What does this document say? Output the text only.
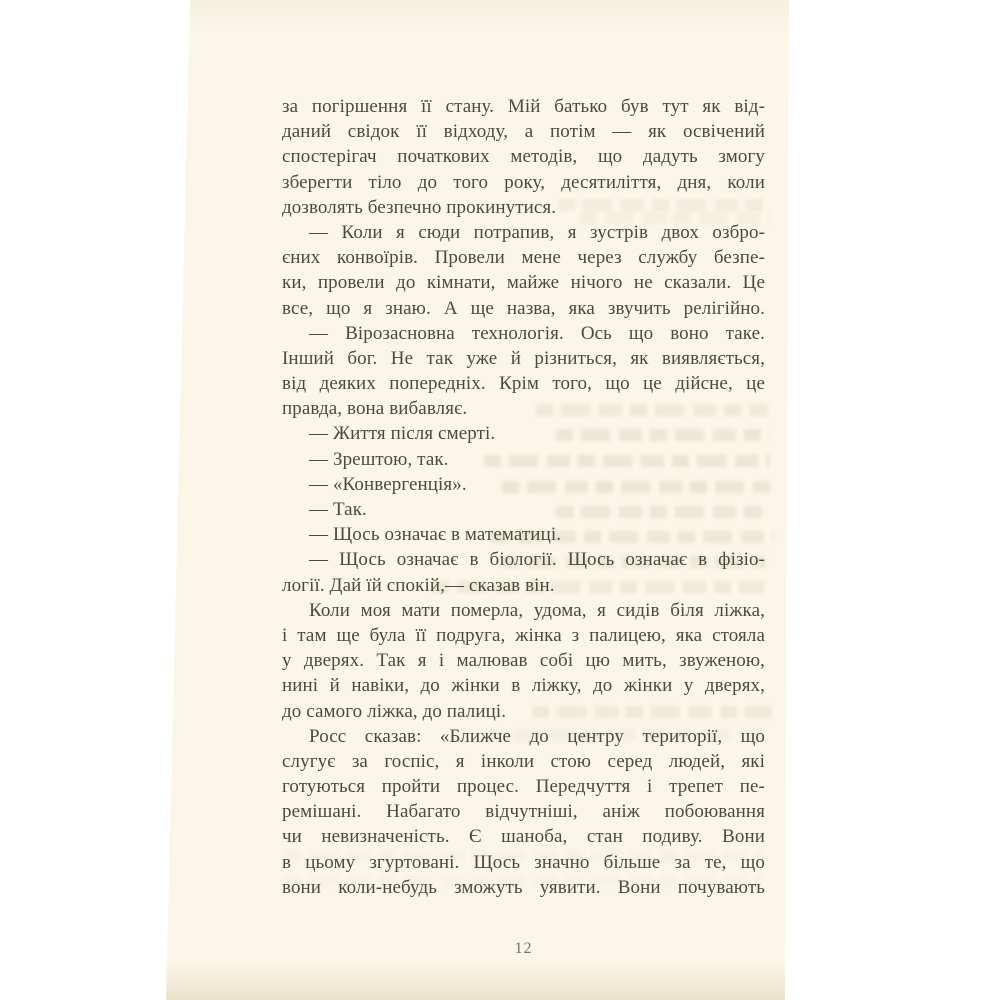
за погіршення її стану. Мій батько був тут як від-
даний свідок її відходу, а потім — як освічений
спостерігач початкових методів, що дадуть змогу
зберегти тіло до того року, десятиліття, дня, коли
дозволять безпечно прокинутися.
— Коли я сюди потрапив, я зустрів двох озбро-
єних конвоїрів. Провели мене через службу безпе-
ки, провели до кімнати, майже нічого не сказали. Це
все, що я знаю. А ще назва, яка звучить релігійно.
— Вірозасновна технологія. Ось що воно таке.
Інший бог. Не так уже й різниться, як виявляється,
від деяких попередніх. Крім того, що це дійсне, це
правда, вона вибавляє.
— Життя після смерті.
— Зрештою, так.
— «Конвергенція».
— Так.
— Щось означає в математиці.
— Щось означає в біології. Щось означає в фізіо-
логії. Дай їй спокій,— сказав він.
Коли моя мати померла, удома, я сидів біля ліжка,
і там ще була її подруга, жінка з палицею, яка стояла
у дверях. Так я і малював собі цю мить, звуженою,
нині й навіки, до жінки в ліжку, до жінки у дверях,
до самого ліжка, до палиці.
Росс сказав: «Ближче до центру території, що
слугує за госпіс, я інколи стою серед людей, які
готуються пройти процес. Передчуття і трепет пе-
ремішані. Набагато відчутніші, аніж побоювання
чи невизначеність. Є шаноба, стан подиву. Вони
в цьому згуртовані. Щось значно більше за те, що
вони коли-небудь зможуть уявити. Вони почувають
12
